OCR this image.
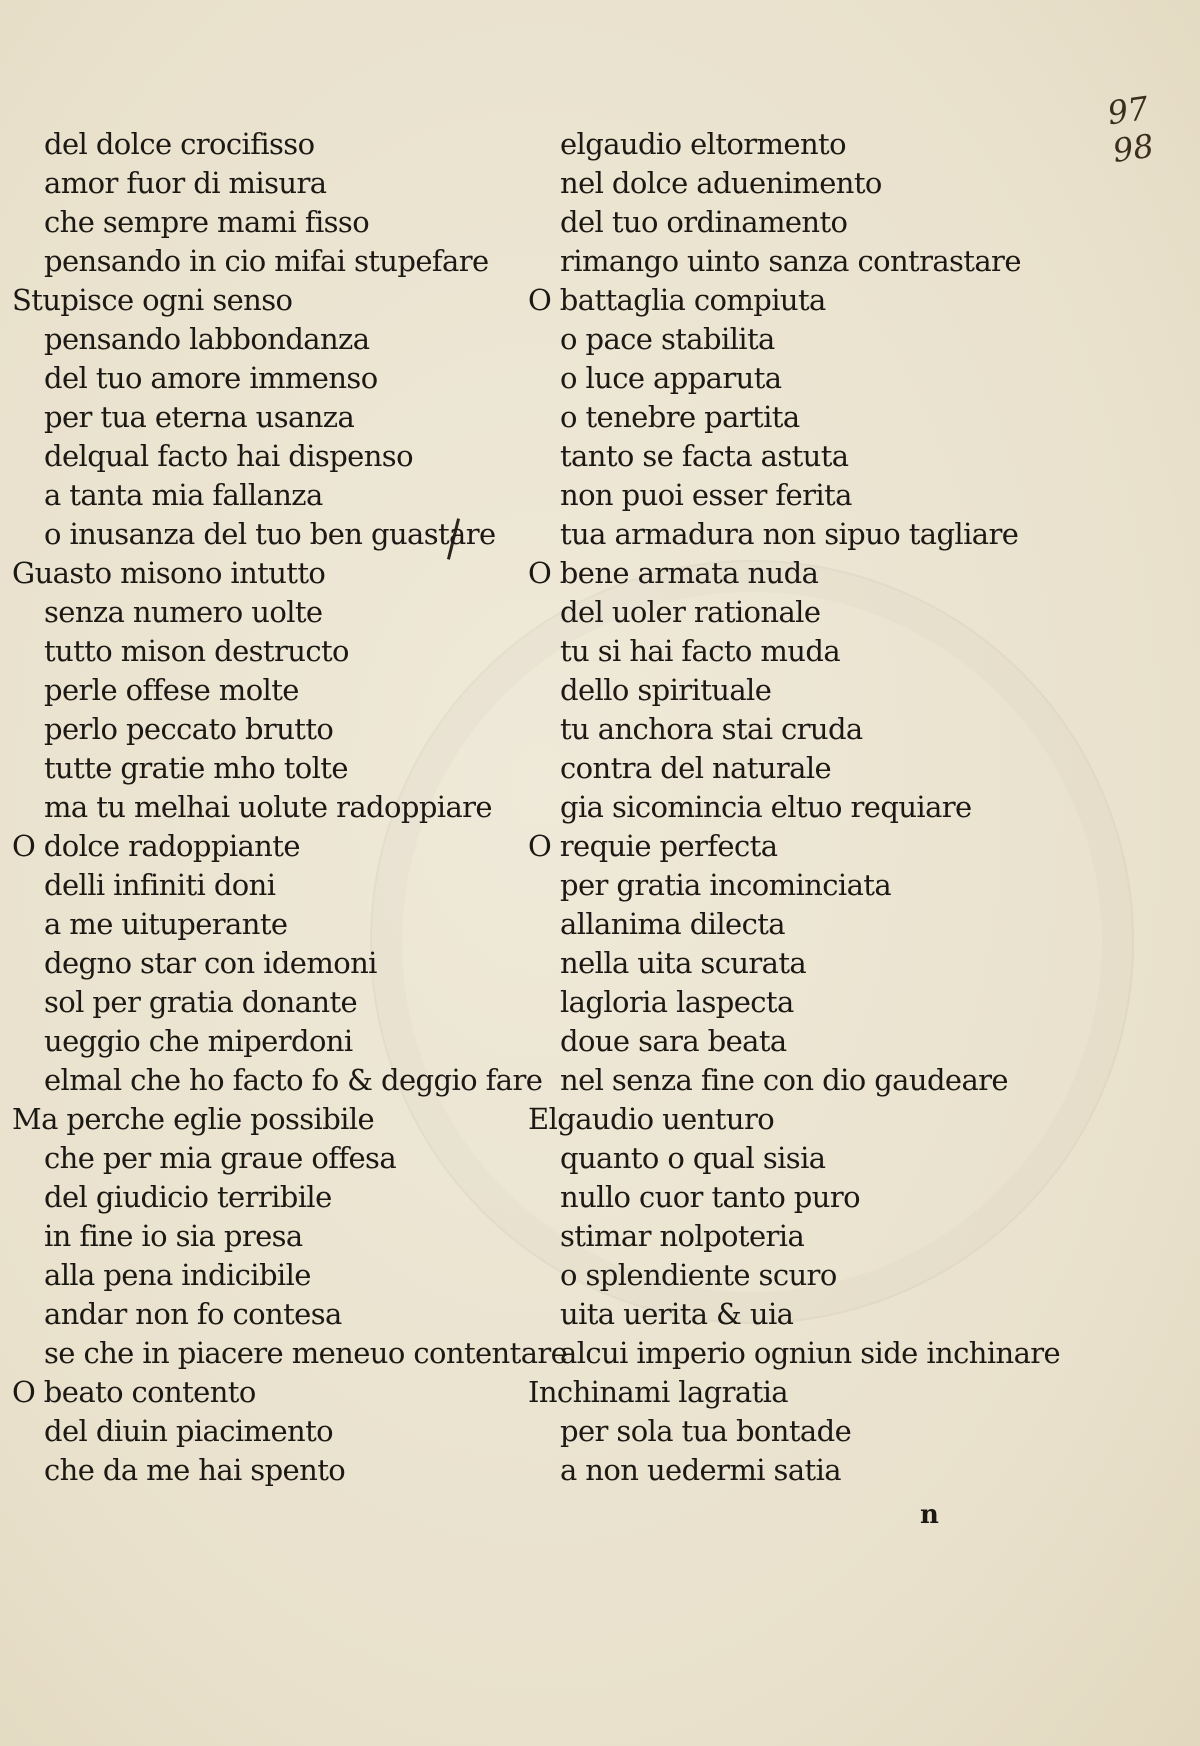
97 98
del dolce crocifisso
amor fuor di misura
che sempre mami fisso
pensando in cio mifai stupefare
Stupisce ogni senso
pensando labbondanza
del tuo amore immenso
per tua eterna usanza
delqual facto hai dispenso
a tanta mia fallanza
o inusanza del tuo ben guastare
Guasto misono intutto
senza numero uolte
tutto mison destructo
perle offese molte
perlo peccato brutto
tutte gratie mho tolte
ma tu melhai uolute radoppiare
O dolce radoppiante
delli infiniti doni
a me uituperante
degno star con idemoni
sol per gratia donante
ueggio che miperdoni
elmal che ho facto fo & deggio fare
Ma perche eglie possibile
che per mia graue offesa
del giudicio terribile
in fine io sia presa
alla pena indicibile
andar non fo contesa
se che in piacere meneuo contentare
O beato contento
del diuin piacimento
che da me hai spento
elgaudio eltormento
nel dolce aduenimento
del tuo ordinamento
rimango uinto sanza contrastare
O battaglia compiuta
o pace stabilita
o luce apparuta
o tenebre partita
tanto se facta astuta
non puoi esser ferita
tua armadura non sipuo tagliare
O bene armata nuda
del uoler rationale
tu si hai facto muda
dello spirituale
tu anchora stai cruda
contra del naturale
gia sicomincia eltuo requiare
O requie perfecta
per gratia incominciata
allanima dilecta
nella uita scurata
lagloria laspecta
doue sara beata
nel senza fine con dio gaudeare
Elgaudio uenturo
quanto o qual sisia
nullo cuor tanto puro
stimar nolpoteria
o splendiente scuro
uita uerita & uia
alcui imperio ogniun side inchinare
Inchinami lagratia
per sola tua bontade
a non uedermi satia
n
